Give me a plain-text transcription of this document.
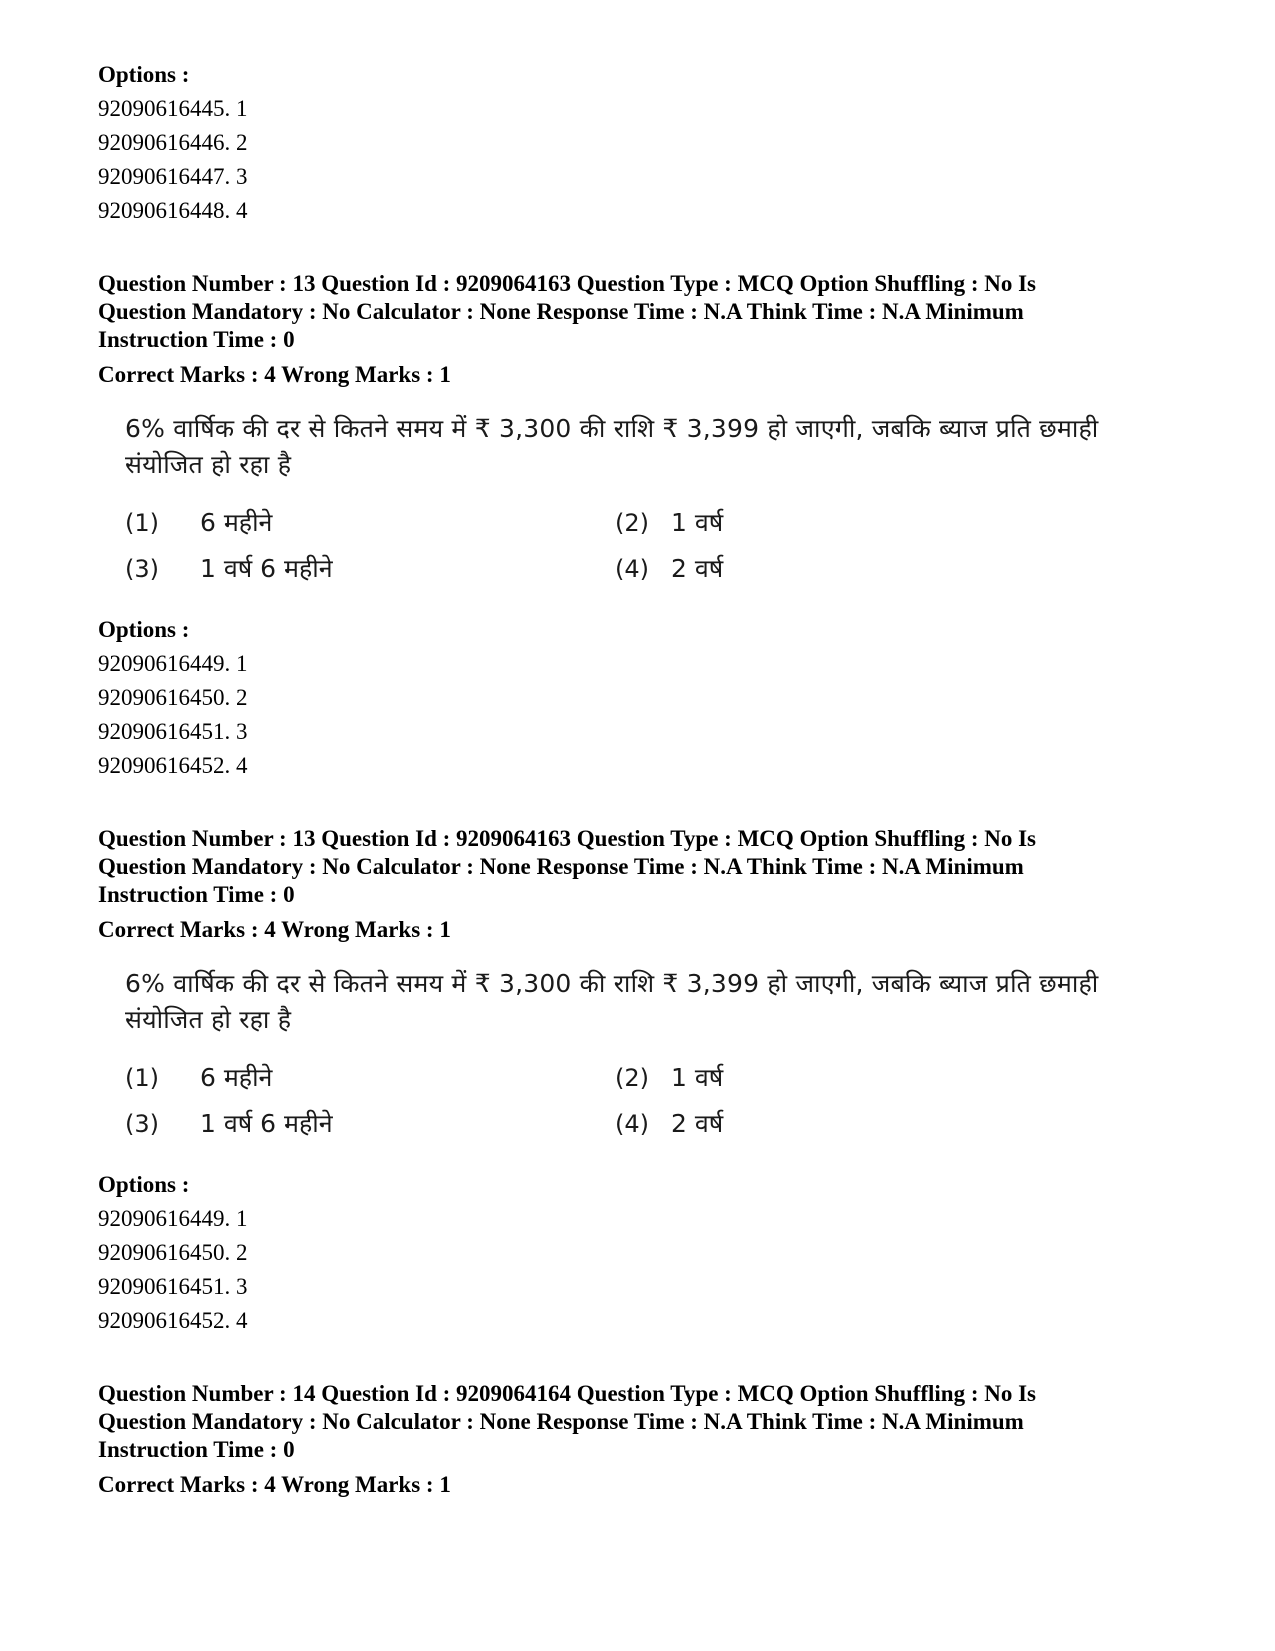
Options :
92090616445. 1
92090616446. 2
92090616447. 3
92090616448. 4
Question Number : 13 Question Id : 9209064163 Question Type : MCQ Option Shuffling : No Is Question Mandatory : No Calculator : None Response Time : N.A Think Time : N.A Minimum Instruction Time : 0
Correct Marks : 4 Wrong Marks : 1
6% वार्षिक की दर से कितने समय में ₹ 3,300 की राशि ₹ 3,399 हो जाएगी, जबकि ब्याज प्रति छमाही संयोजित हो रहा है
(1)	6 महीने	(2) 1 वर्ष
(3)	1 वर्ष 6 महीने	(4) 2 वर्ष
Options :
92090616449. 1
92090616450. 2
92090616451. 3
92090616452. 4
Question Number : 13 Question Id : 9209064163 Question Type : MCQ Option Shuffling : No Is Question Mandatory : No Calculator : None Response Time : N.A Think Time : N.A Minimum Instruction Time : 0
Correct Marks : 4 Wrong Marks : 1
6% वार्षिक की दर से कितने समय में ₹ 3,300 की राशि ₹ 3,399 हो जाएगी, जबकि ब्याज प्रति छमाही संयोजित हो रहा है
(1)	6 महीने	(2) 1 वर्ष
(3)	1 वर्ष 6 महीने	(4) 2 वर्ष
Options :
92090616449. 1
92090616450. 2
92090616451. 3
92090616452. 4
Question Number : 14 Question Id : 9209064164 Question Type : MCQ Option Shuffling : No Is Question Mandatory : No Calculator : None Response Time : N.A Think Time : N.A Minimum Instruction Time : 0
Correct Marks : 4 Wrong Marks : 1
